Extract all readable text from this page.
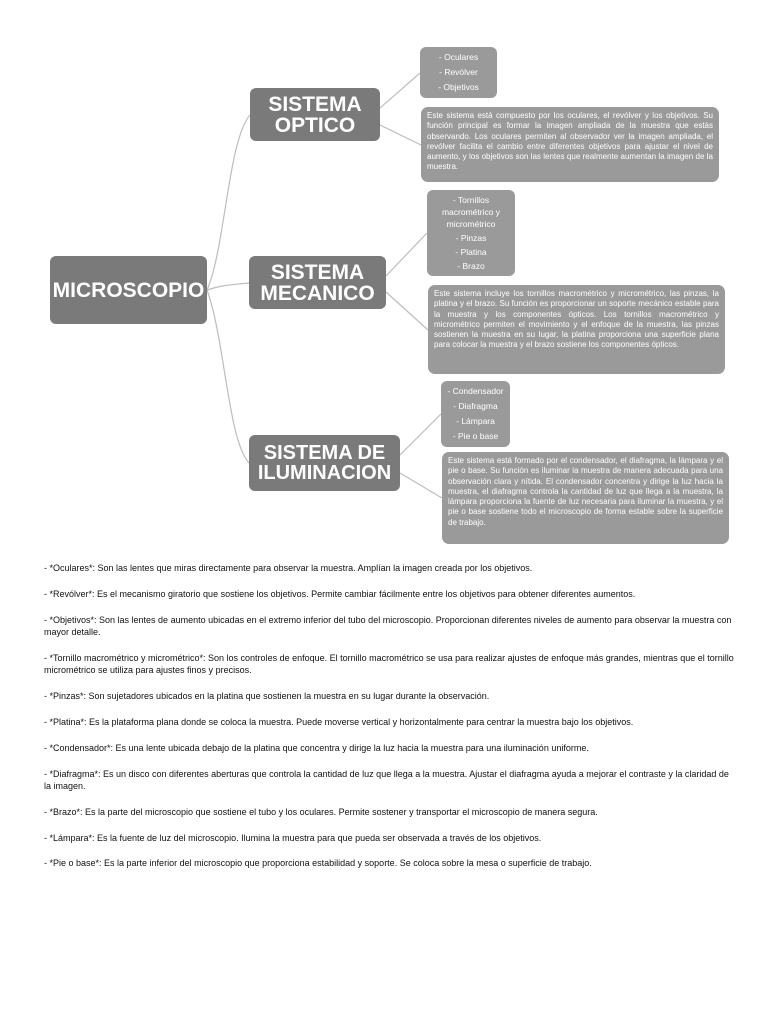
MICROSCOPIO
SISTEMA
OPTICO
- Oculares
- Revólver
- Objetivos
Este sistema está compuesto por los oculares, el revólver y los objetivos. Su función principal es formar la imagen ampliada de la muestra que estás observando. Los oculares permiten al observador ver la imagen ampliada, el revólver facilita el cambio entre diferentes objetivos para ajustar el nivel de aumento, y los objetivos son las lentes que realmente aumentan la imagen de la muestra.
SISTEMA
MECANICO
- Tornillos macrométrico y micrométrico
- Pinzas
- Platina
- Brazo
Este sistema incluye los tornillos macrométrico y micrométrico, las pinzas, la platina y el brazo. Su función es proporcionar un soporte mecánico estable para la muestra y los componentes ópticos. Los tornillos macrométrico y micrométrico permiten el movimiento y el enfoque de la muestra, las pinzas sostienen la muestra en su lugar, la platina proporciona una superficie plana para colocar la muestra y el brazo sostiene los componentes ópticos.
SISTEMA DE
ILUMINACION
- Condensador
- Diafragma
- Lámpara
- Pie o base
Este sistema está formado por el condensador, el diafragma, la lámpara y el pie o base. Su función es iluminar la muestra de manera adecuada para una observación clara y nítida. El condensador concentra y dirige la luz hacia la muestra, el diafragma controla la cantidad de luz que llega a la muestra, la lámpara proporciona la fuente de luz necesaria para iluminar la muestra, y el pie o base sostiene todo el microscopio de forma estable sobre la superficie de trabajo.

- *Oculares*: Son las lentes que miras directamente para observar la muestra. Amplían la imagen creada por los objetivos.

- *Revólver*: Es el mecanismo giratorio que sostiene los objetivos. Permite cambiar fácilmente entre los objetivos para obtener diferentes aumentos.

- *Objetivos*: Son las lentes de aumento ubicadas en el extremo inferior del tubo del microscopio. Proporcionan diferentes niveles de aumento para observar la muestra con mayor detalle.

- *Tornillo macrométrico y micrométrico*: Son los controles de enfoque. El tornillo macrométrico se usa para realizar ajustes de enfoque más grandes, mientras que el tornillo micrométrico se utiliza para ajustes finos y precisos.

- *Pinzas*: Son sujetadores ubicados en la platina que sostienen la muestra en su lugar durante la observación.

- *Platina*: Es la plataforma plana donde se coloca la muestra. Puede moverse vertical y horizontalmente para centrar la muestra bajo los objetivos.

- *Condensador*: Es una lente ubicada debajo de la platina que concentra y dirige la luz hacia la muestra para una iluminación uniforme.

- *Diafragma*: Es un disco con diferentes aberturas que controla la cantidad de luz que llega a la muestra. Ajustar el diafragma ayuda a mejorar el contraste y la claridad de la imagen.

- *Brazo*: Es la parte del microscopio que sostiene el tubo y los oculares. Permite sostener y transportar el microscopio de manera segura.

- *Lámpara*: Es la fuente de luz del microscopio. Ilumina la muestra para que pueda ser observada a través de los objetivos.

- *Pie o base*: Es la parte inferior del microscopio que proporciona estabilidad y soporte. Se coloca sobre la mesa o superficie de trabajo.
